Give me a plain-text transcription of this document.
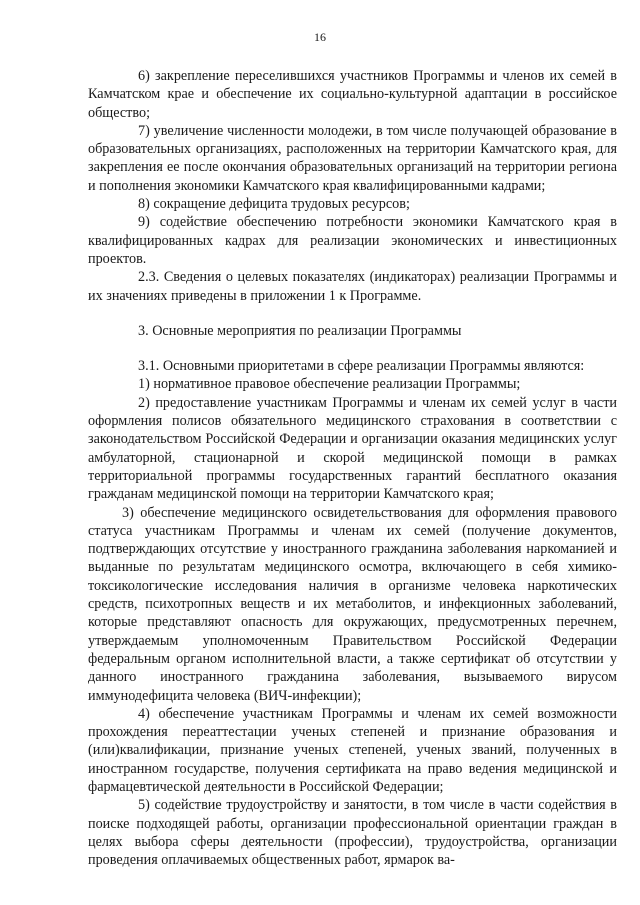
16

6) закрепление переселившихся участников Программы и членов их семей в Камчатском крае и обеспечение их социально-культурной адаптации в российское общество;

7) увеличение численности молодежи, в том числе получающей образование в образовательных организациях, расположенных на территории Камчатского края, для закрепления ее после окончания образовательных организаций на территории региона и пополнения экономики Камчатского края квалифицированными кадрами;

8) сокращение дефицита трудовых ресурсов;

9) содействие обеспечению потребности экономики Камчатского края в квалифицированных кадрах для реализации экономических и инвестиционных проектов.

2.3. Сведения о целевых показателях (индикаторах) реализации Программы и их значениях приведены в приложении 1 к Программе.

3. Основные мероприятия по реализации Программы

3.1. Основными приоритетами в сфере реализации Программы являются:

1) нормативное правовое обеспечение реализации Программы;

2) предоставление участникам Программы и членам их семей услуг в части оформления полисов обязательного медицинского страхования в соответствии с законодательством Российской Федерации и организации оказания медицинских услуг амбулаторной, стационарной и скорой медицинской помощи в рамках территориальной программы государственных гарантий бесплатного оказания гражданам медицинской помощи на территории Камчатского края;

3) обеспечение медицинского освидетельствования для оформления правового статуса участникам Программы и членам их семей (получение документов, подтверждающих отсутствие у иностранного гражданина заболевания наркоманией и выданные по результатам медицинского осмотра, включающего в себя химико-токсикологические исследования наличия в организме человека наркотических средств, психотропных веществ и их метаболитов, и инфекционных заболеваний, которые представляют опасность для окружающих, предусмотренных перечнем, утверждаемым уполномоченным Правительством Российской Федерации федеральным органом исполнительной власти, а также сертификат об отсутствии у данного иностранного гражданина заболевания, вызываемого вирусом иммунодефицита человека (ВИЧ-инфекции);

4) обеспечение участникам Программы и членам их семей возможности прохождения переаттестации ученых степеней и признание образования и (или)квалификации, признание ученых степеней, ученых званий, полученных в иностранном государстве, получения сертификата на право ведения медицинской и фармацевтической деятельности в Российской Федерации;

5) содействие трудоустройству и занятости, в том числе в части содействия в поиске подходящей работы, организации профессиональной ориентации граждан в целях выбора сферы деятельности (профессии), трудоустройства, организации проведения оплачиваемых общественных работ, ярмарок ва-
